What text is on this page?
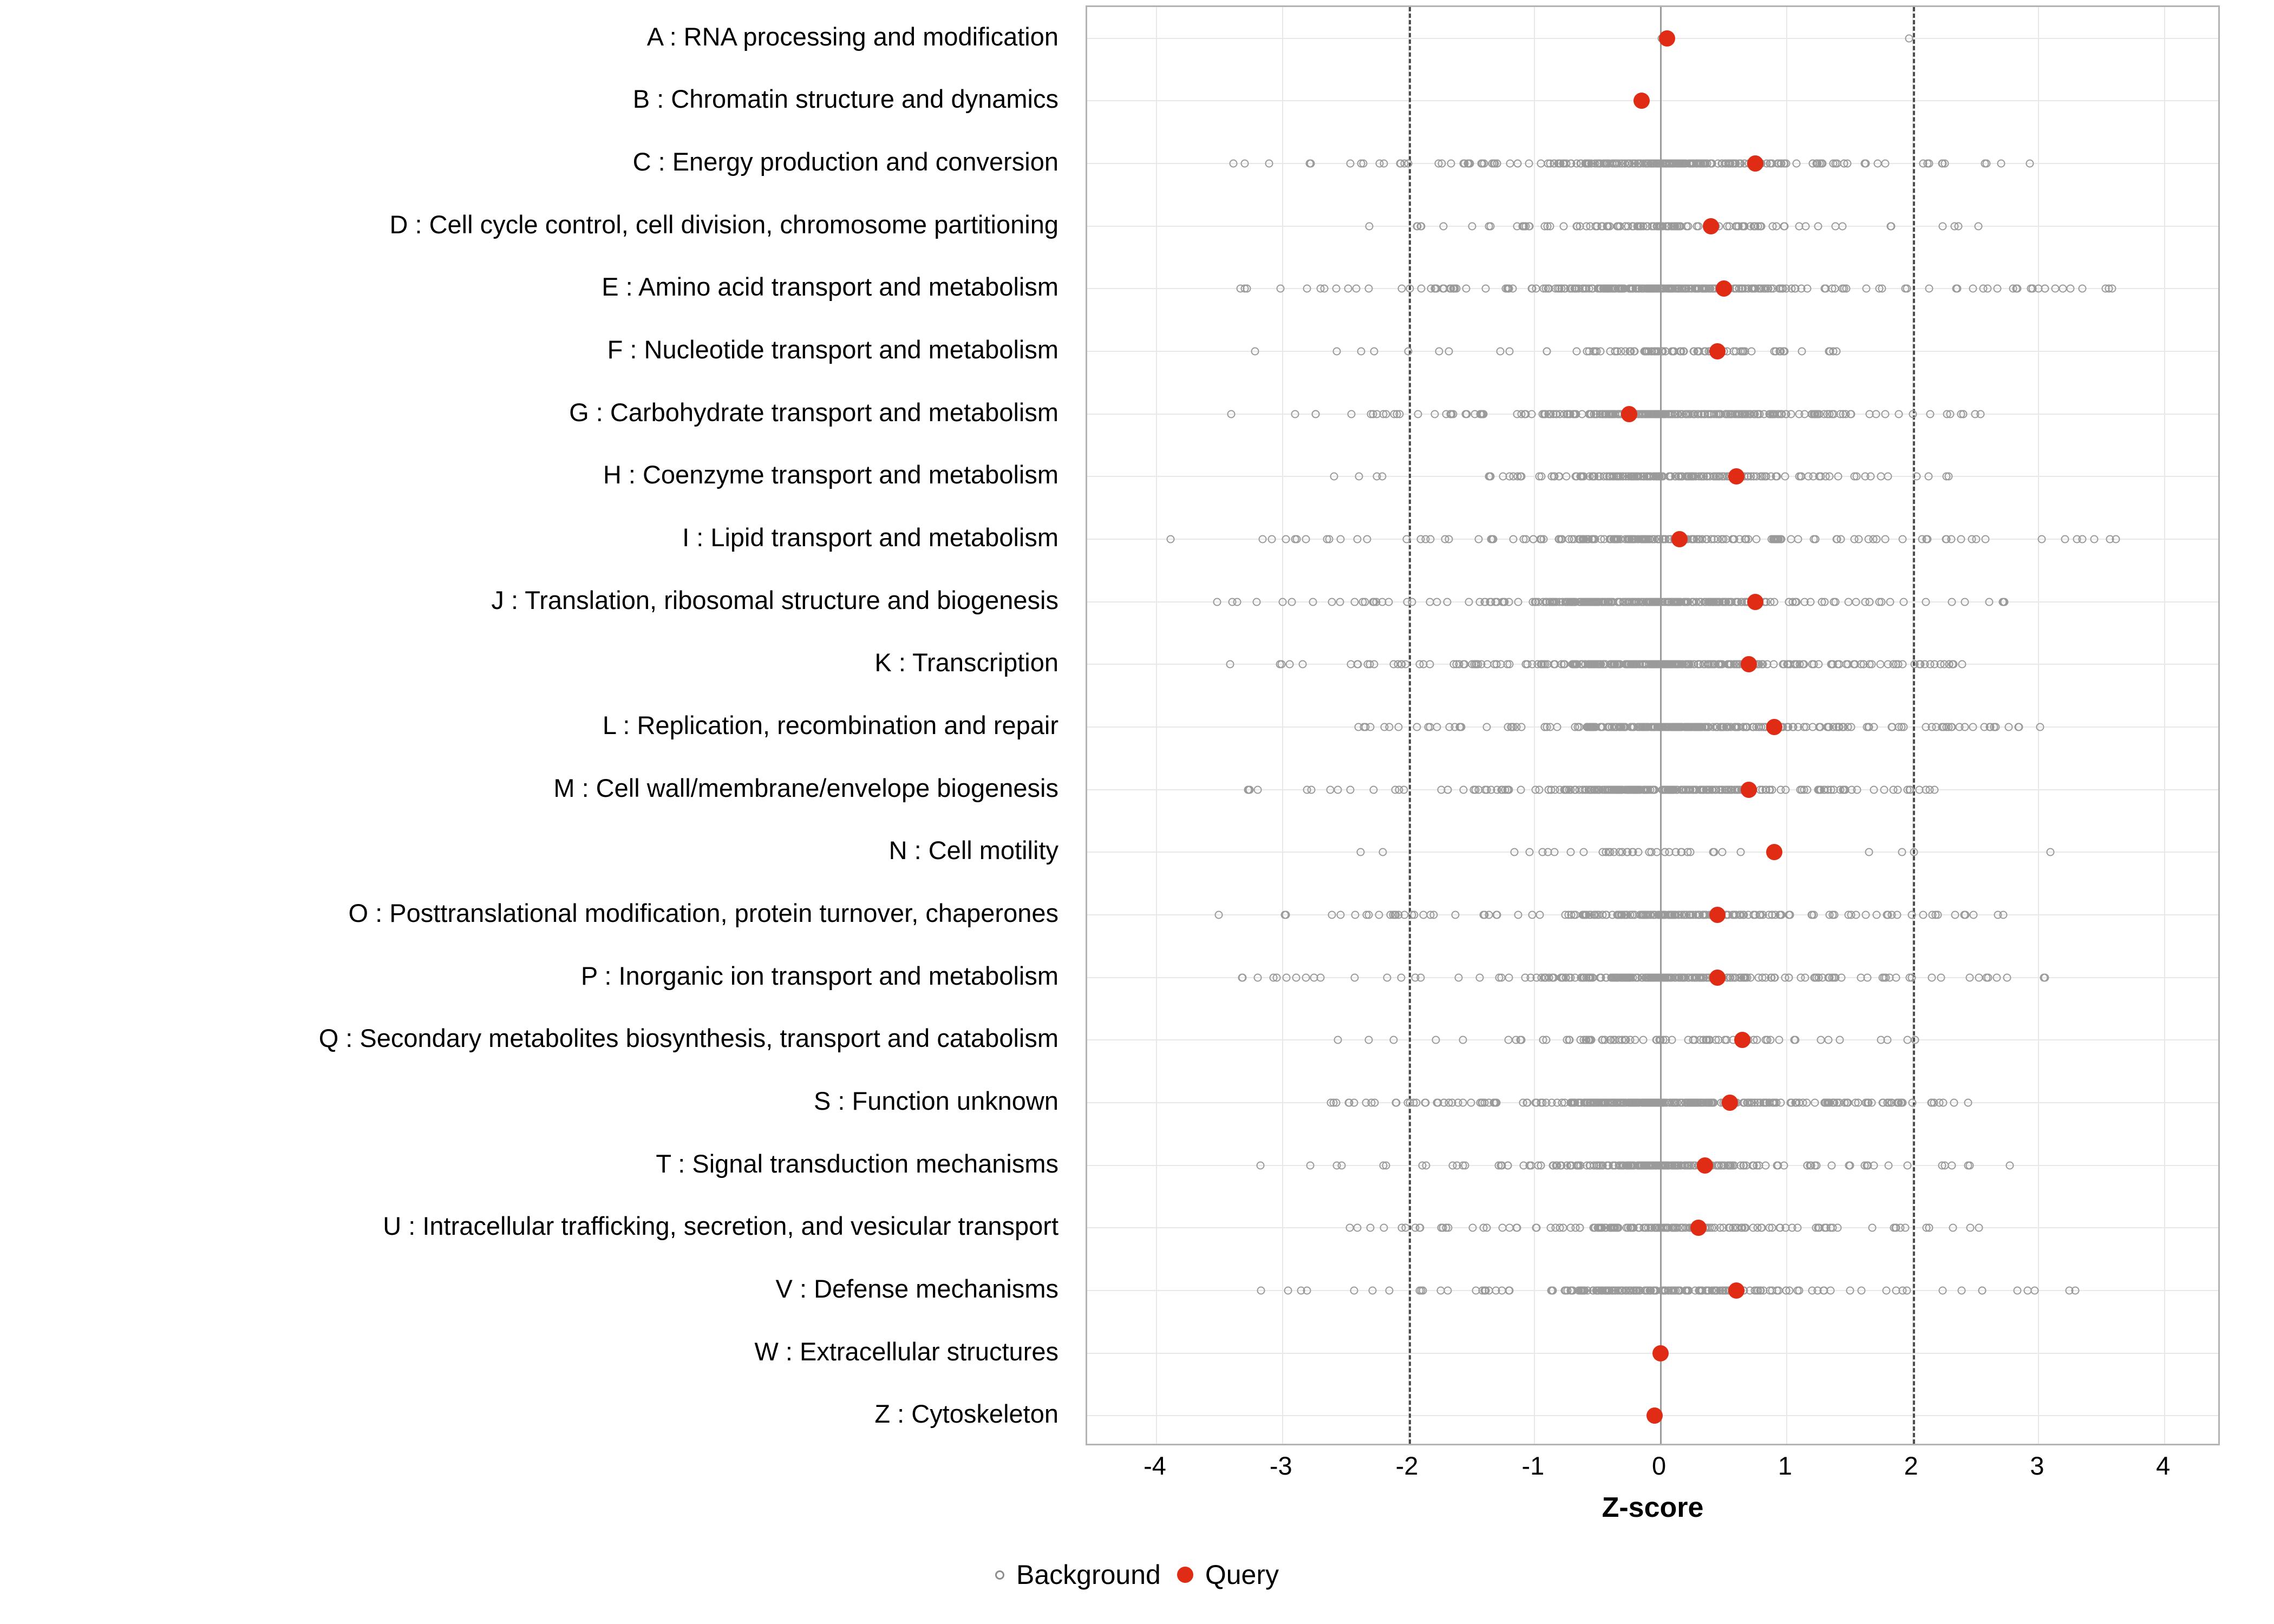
A : RNA processing and modification
B : Chromatin structure and dynamics
C : Energy production and conversion
D : Cell cycle control, cell division, chromosome partitioning
E : Amino acid transport and metabolism
F : Nucleotide transport and metabolism
G : Carbohydrate transport and metabolism
H : Coenzyme transport and metabolism
I : Lipid transport and metabolism
J : Translation, ribosomal structure and biogenesis
K : Transcription
L : Replication, recombination and repair
M : Cell wall/membrane/envelope biogenesis
N : Cell motility
O : Posttranslational modification, protein turnover, chaperones
P : Inorganic ion transport and metabolism
Q : Secondary metabolites biosynthesis, transport and catabolism
S : Function unknown
T : Signal transduction mechanisms
U : Intracellular trafficking, secretion, and vesicular transport
V : Defense mechanisms
W : Extracellular structures
Z : Cytoskeleton
-4	-3	-2	-1	0	1	2	3	4
Z-score
Background Query
